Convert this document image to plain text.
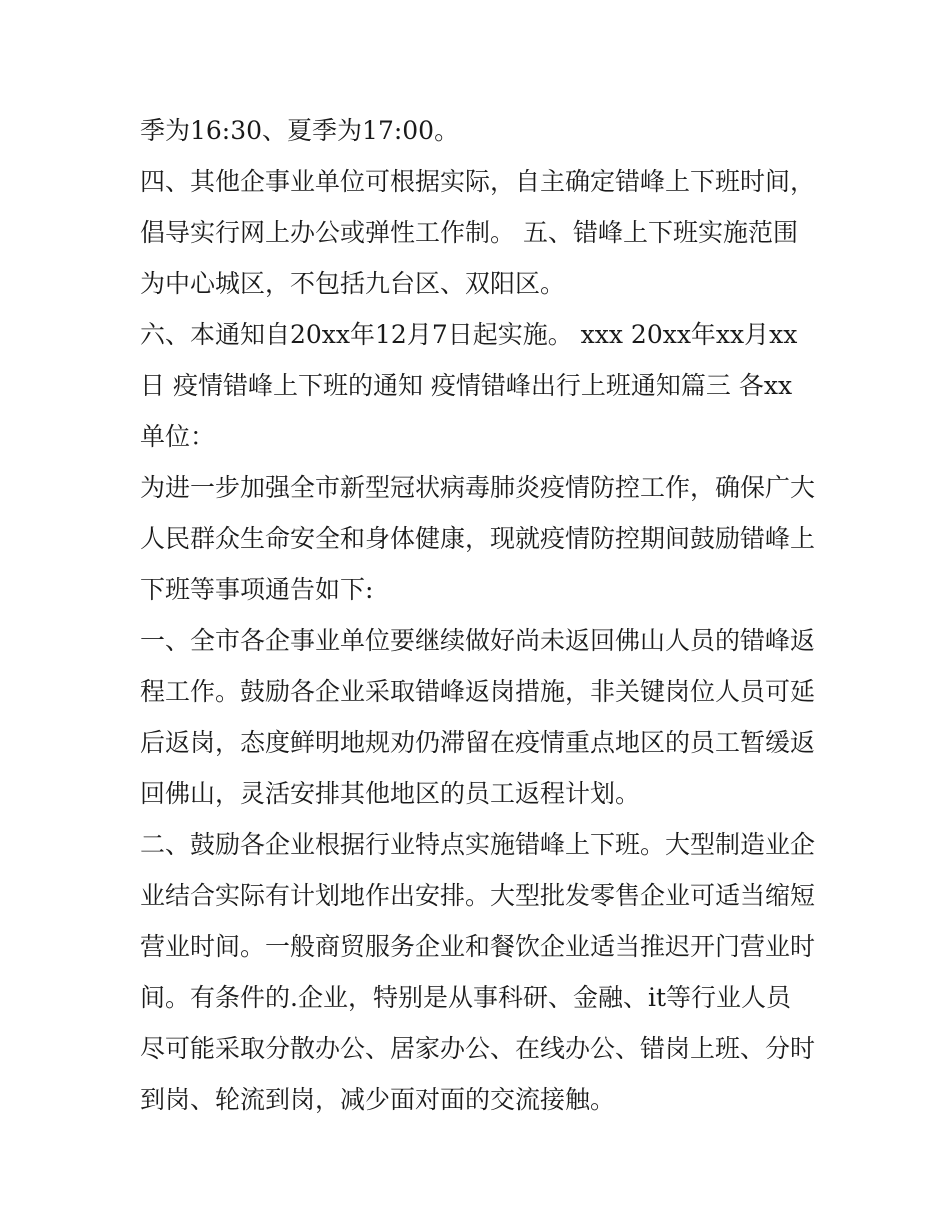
季为16:30、夏季为17:00。
四、其他企事业单位可根据实际，自主确定错峰上下班时间，
倡导实行网上办公或弹性工作制。 五、错峰上下班实施范围
为中心城区，不包括九台区、双阳区。
六、本通知自20xx年12月7日起实施。 xxx 20xx年xx月xx
日 疫情错峰上下班的通知 疫情错峰出行上班通知篇三 各xx
单位：
为进一步加强全市新型冠状病毒肺炎疫情防控工作，确保广大
人民群众生命安全和身体健康，现就疫情防控期间鼓励错峰上
下班等事项通告如下:
一、全市各企事业单位要继续做好尚未返回佛山人员的错峰返
程工作。鼓励各企业采取错峰返岗措施，非关键岗位人员可延
后返岗，态度鲜明地规劝仍滞留在疫情重点地区的员工暂缓返
回佛山，灵活安排其他地区的员工返程计划。
二、鼓励各企业根据行业特点实施错峰上下班。大型制造业企
业结合实际有计划地作出安排。大型批发零售企业可适当缩短
营业时间。一般商贸服务企业和餐饮企业适当推迟开门营业时
间。有条件的.企业，特别是从事科研、金融、it等行业人员
尽可能采取分散办公、居家办公、在线办公、错岗上班、分时
到岗、轮流到岗，减少面对面的交流接触。
